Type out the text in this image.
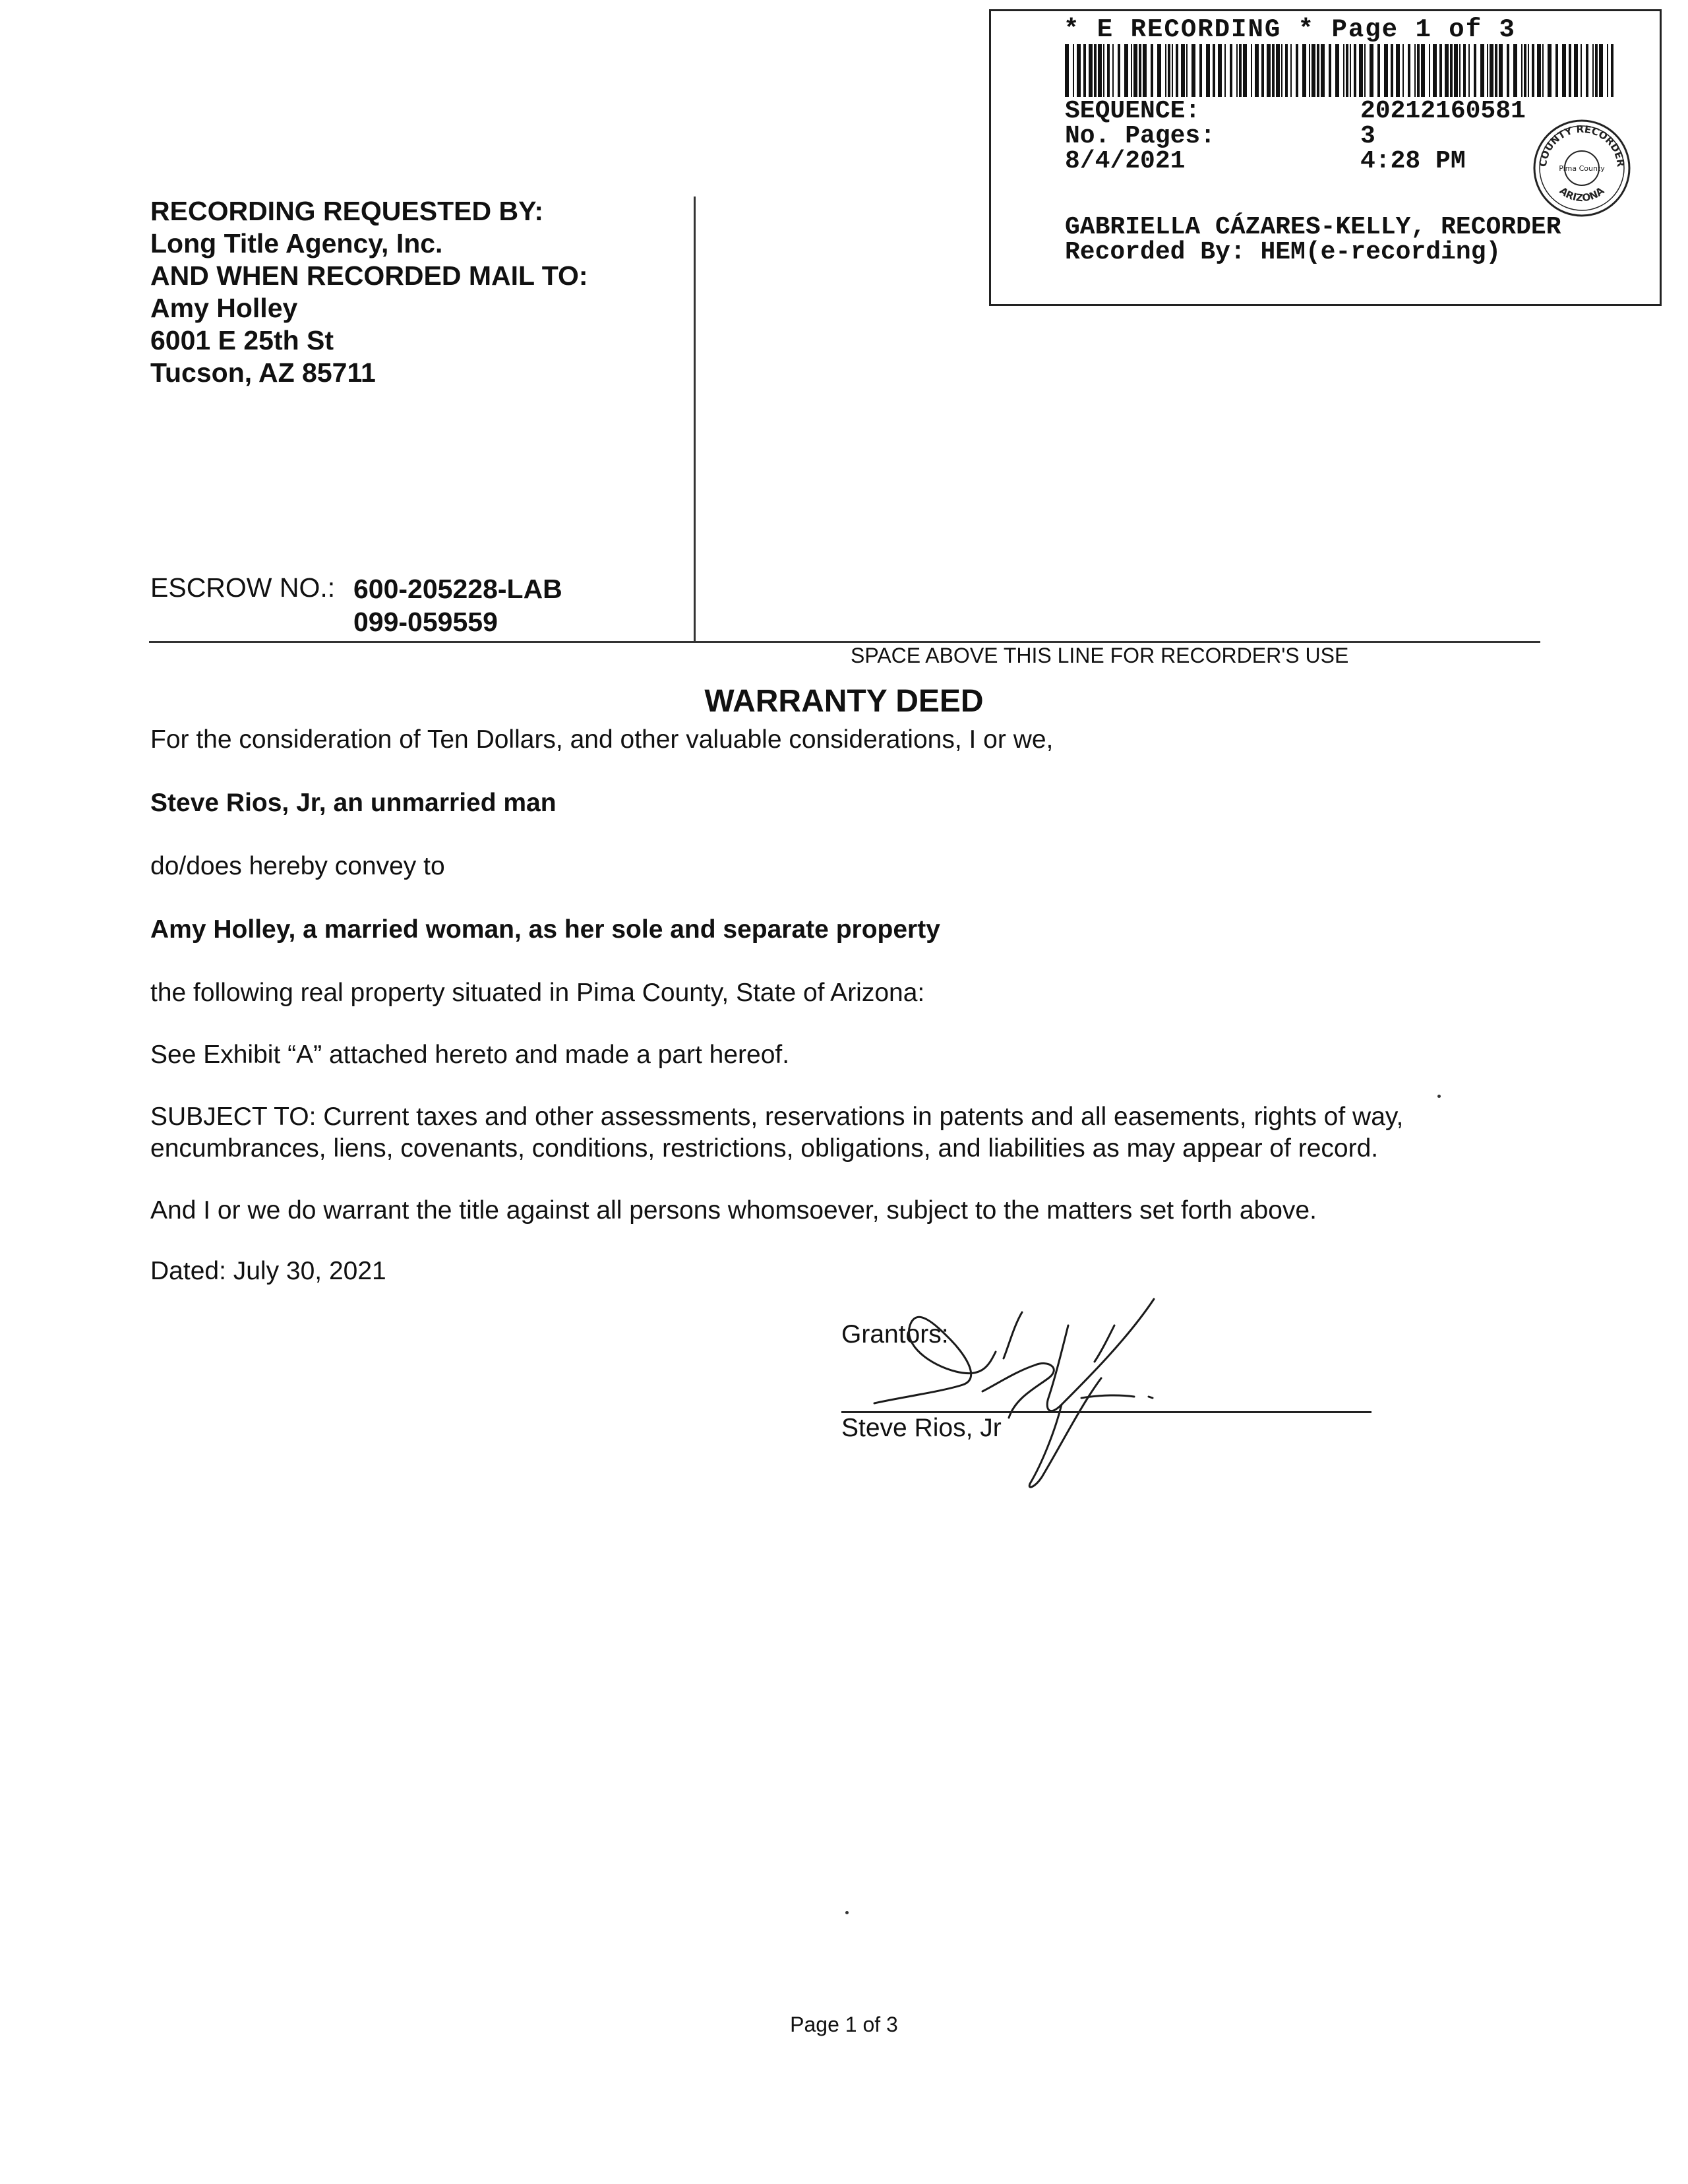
* E RECORDING * Page 1 of 3
SEQUENCE:	20212160581
No. Pages:	3
8/4/2021	4:28 PM	COUNTY RECORDER
ARIZONA
Pima County
GABRIELLA CÁZARES-KELLY, RECORDER
Recorded By: HEM(e-recording)
RECORDING REQUESTED BY:
Long Title Agency, Inc.
AND WHEN RECORDED MAIL TO:
Amy Holley
6001 E 25th St
Tucson, AZ 85711
ESCROW NO.: 600-205228-LAB
099-059559
SPACE ABOVE THIS LINE FOR RECORDER'S USE
WARRANTY DEED
For the consideration of Ten Dollars, and other valuable considerations, I or we,
Steve Rios, Jr, an unmarried man
do/does hereby convey to
Amy Holley, a married woman, as her sole and separate property
the following real property situated in Pima County, State of Arizona:
See Exhibit “A” attached hereto and made a part hereof.
SUBJECT TO: Current taxes and other assessments, reservations in patents and all easements, rights of way,
encumbrances, liens, covenants, conditions, restrictions, obligations, and liabilities as may appear of record.
And I or we do warrant the title against all persons whomsoever, subject to the matters set forth above.
Dated: July 30, 2021
Grantors:
Steve Rios, Jr
Page 1 of 3
